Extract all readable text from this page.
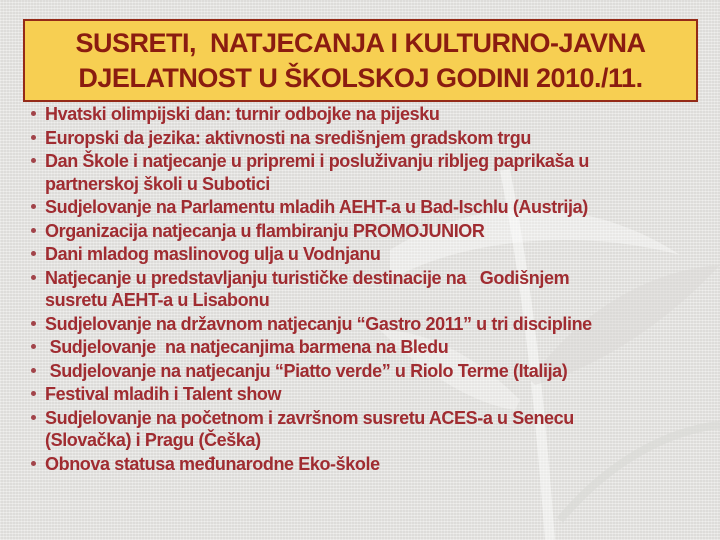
SUSRETI,  NATJECANJA I KULTURNO-JAVNA
DJELATNOST U ŠKOLSKOJ GODINI 2010./11.
Hvatski olimpijski dan: turnir odbojke na pijesku
Europski da jezika: aktivnosti na središnjem gradskom trgu
Dan Škole i natjecanje u pripremi i posluživanju ribljeg paprikaša u
partnerskoj školi u Subotici
Sudjelovanje na Parlamentu mladih AEHT-a u Bad-Ischlu (Austrija)
Organizacija natjecanja u flambiranju PROMOJUNIOR
Dani mladog maslinovog ulja u Vodnjanu
Natjecanje u predstavljanju turističke destinacije na   Godišnjem
susretu AEHT-a u Lisabonu
Sudjelovanje na državnom natjecanju “Gastro 2011” u tri discipline
Sudjelovanje  na natjecanjima barmena na Bledu
Sudjelovanje na natjecanju “Piatto verde” u Riolo Terme (Italija)
Festival mladih i Talent show
Sudjelovanje na početnom i završnom susretu ACES-a u Senecu
(Slovačka) i Pragu (Češka)
Obnova statusa međunarodne Eko-škole
